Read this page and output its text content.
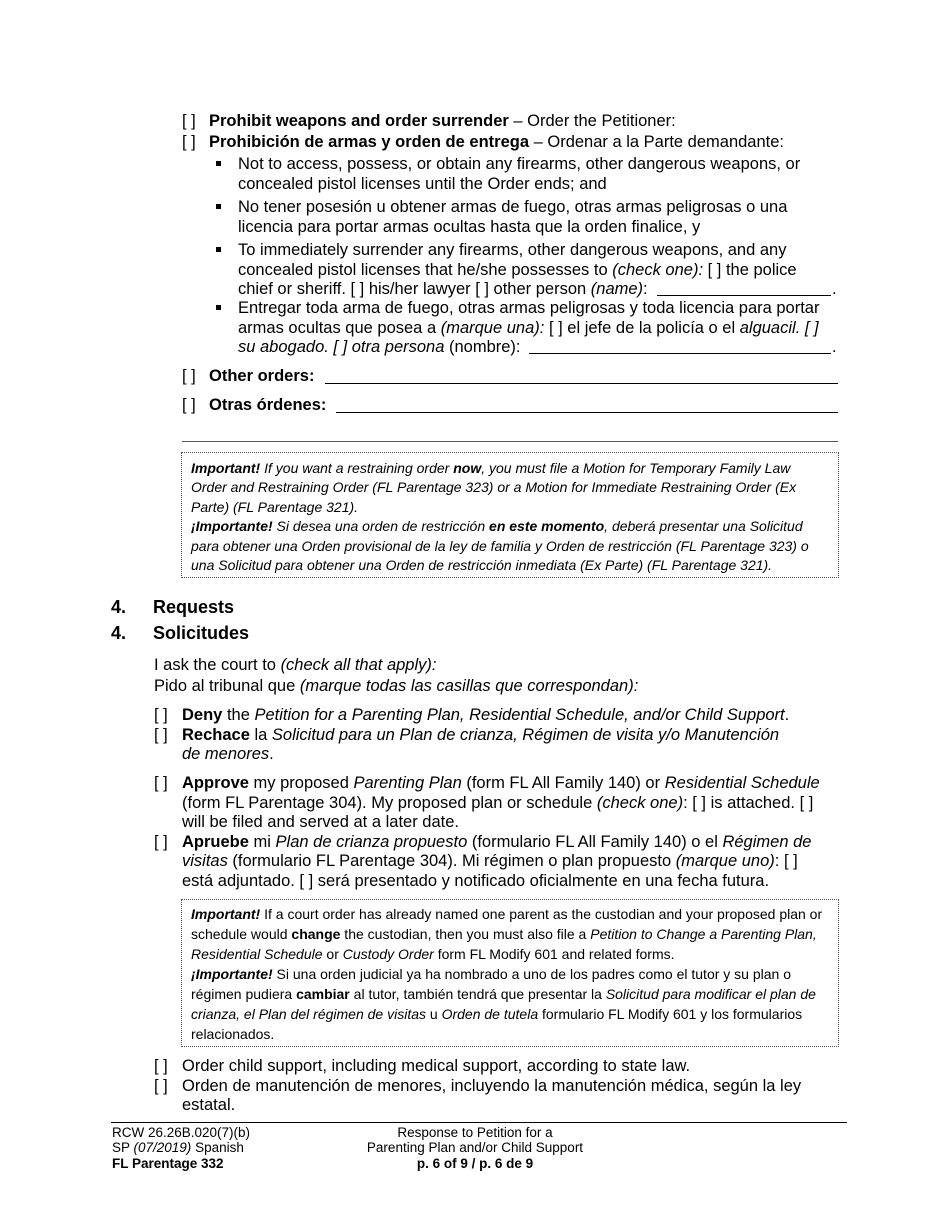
[ ] Prohibit weapons and order surrender – Order the Petitioner:
[ ] Prohibición de armas y orden de entrega – Ordenar a la Parte demandante:
Not to access, possess, or obtain any firearms, other dangerous weapons, or
concealed pistol licenses until the Order ends; and
No tener posesión u obtener armas de fuego, otras armas peligrosas o una
licencia para portar armas ocultas hasta que la orden finalice, y
To immediately surrender any firearms, other dangerous weapons, and any
concealed pistol licenses that he/she possesses to (check one): [ ] the police
chief or sheriff. [ ] his/her lawyer [ ] other person (name):	.
Entregar toda arma de fuego, otras armas peligrosas y toda licencia para portar
armas ocultas que posea a (marque una): [ ] el jefe de la policía o el alguacil. [ ]
su abogado. [ ] otra persona (nombre):	.
[ ] Other orders:
[ ] Otras órdenes:
Important! If you want a restraining order now, you must file a Motion for Temporary Family Law
Order and Restraining Order (FL Parentage 323) or a Motion for Immediate Restraining Order (Ex
Parte) (FL Parentage 321).
¡Importante! Si desea una orden de restricción en este momento, deberá presentar una Solicitud
para obtener una Orden provisional de la ley de familia y Orden de restricción (FL Parentage 323) o
una Solicitud para obtener una Orden de restricción inmediata (Ex Parte) (FL Parentage 321).
4. Requests
4. Solicitudes
I ask the court to (check all that apply):
Pido al tribunal que (marque todas las casillas que correspondan):
[ ] Deny the Petition for a Parenting Plan, Residential Schedule, and/or Child Support.
[ ] Rechace la Solicitud para un Plan de crianza, Régimen de visita y/o Manutención
de menores.
[ ] Approve my proposed Parenting Plan (form FL All Family 140) or Residential Schedule
(form FL Parentage 304). My proposed plan or schedule (check one): [ ] is attached. [ ]
will be filed and served at a later date.
[ ] Apruebe mi Plan de crianza propuesto (formulario FL All Family 140) o el Régimen de
visitas (formulario FL Parentage 304). Mi régimen o plan propuesto (marque uno): [ ]
está adjuntado. [ ] será presentado y notificado oficialmente en una fecha futura.
Important! If a court order has already named one parent as the custodian and your proposed plan or
schedule would change the custodian, then you must also file a Petition to Change a Parenting Plan,
Residential Schedule or Custody Order form FL Modify 601 and related forms.
¡Importante! Si una orden judicial ya ha nombrado a uno de los padres como el tutor y su plan o
régimen pudiera cambiar al tutor, también tendrá que presentar la Solicitud para modificar el plan de
crianza, el Plan del régimen de visitas u Orden de tutela formulario FL Modify 601 y los formularios
relacionados.
[ ] Order child support, including medical support, according to state law.
[ ] Orden de manutención de menores, incluyendo la manutención médica, según la ley
estatal.
RCW 26.26B.020(7)(b)
SP (07/2019) Spanish
FL Parentage 332
Response to Petition for a
Parenting Plan and/or Child Support
p. 6 of 9 / p. 6 de 9
